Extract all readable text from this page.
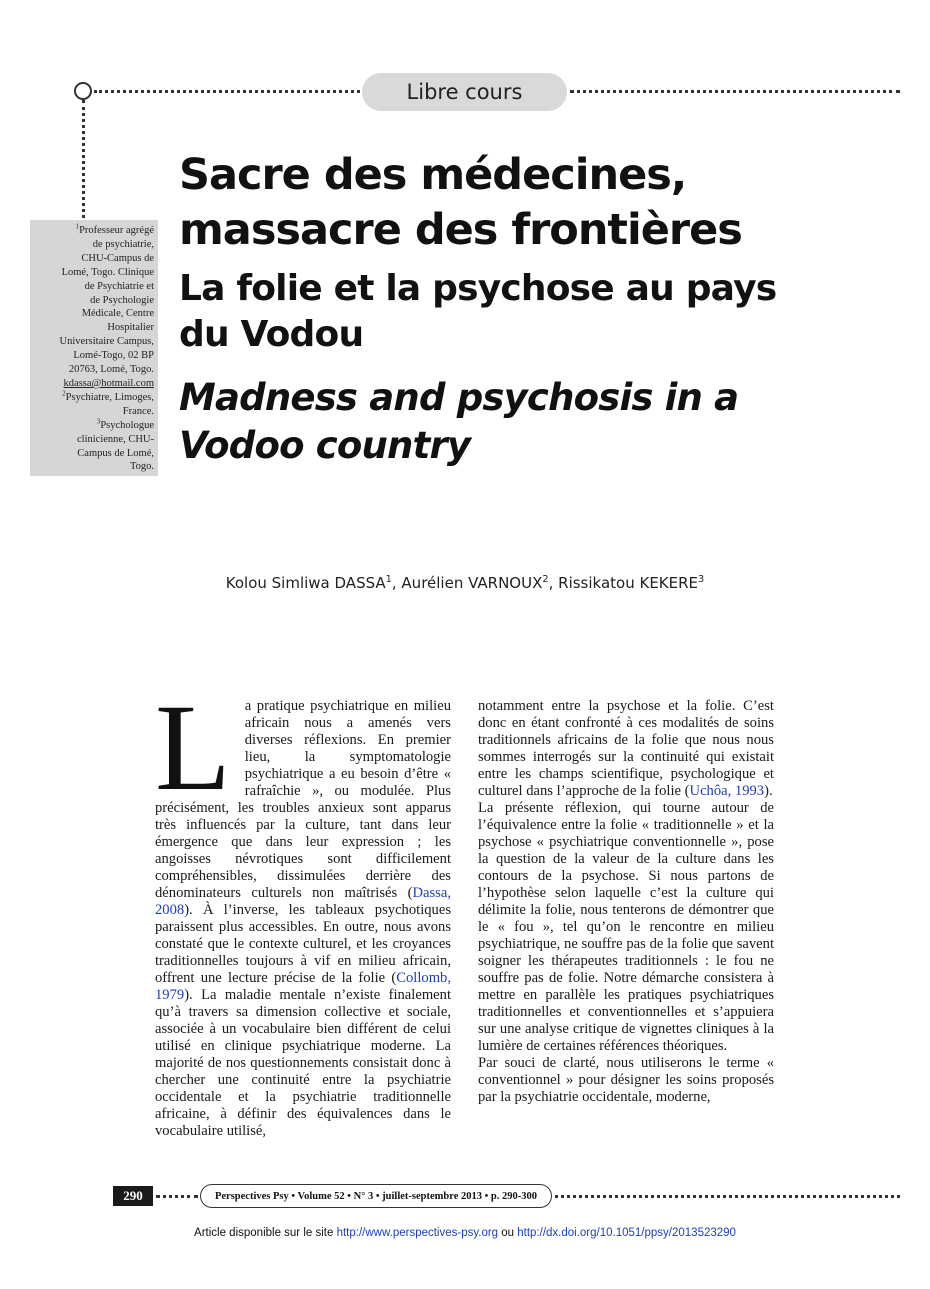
Libre cours
$^1$Professeur agrégé
de psychiatrie,
CHU-Campus de
Lomé, Togo. Clinique
de Psychiatrie et
de Psychologie
Médicale, Centre
Hospitalier
Universitaire Campus,
Lomé-Togo, 02 BP
20763, Lomé, Togo.
kdassa@hotmail.com
$^2$Psychiatre, Limoges,
France.
$^3$Psychologue
clinicienne, CHU-
Campus de Lomé,
Togo.
Sacre des médecines,
massacre des frontières
La folie et la psychose au pays
du Vodou
Madness and psychosis in a
Vodoo country
Kolou Simliwa DASSA$^1$, Aurélien VARNOUX$^2$, Rissikatou KEKERE$^3$

La pratique psychiatrique en milieu africain nous a amenés vers diverses réflexions. En premier lieu, la symptomatologie psychiatrique a eu besoin d’être « rafraîchie », ou modulée. Plus précisément, les troubles anxieux sont apparus très influencés par la culture, tant dans leur émergence que dans leur expression ; les angoisses névrotiques sont difficilement compréhensibles, dissimulées derrière des dénominateurs culturels non maîtrisés (Dassa, 2008). À l’inverse, les tableaux psychotiques paraissent plus accessibles. En outre, nous avons constaté que le contexte culturel, et les croyances traditionnelles toujours à vif en milieu africain, offrent une lecture précise de la folie (Collomb, 1979). La maladie mentale n’existe finalement qu’à travers sa dimension collective et sociale, associée à un vocabulaire bien différent de celui utilisé en clinique psychiatrique moderne. La majorité de nos questionnements consistait donc à chercher une continuité entre la psychiatrie occidentale et la psychiatrie traditionnelle africaine, à définir des équivalences dans le vocabulaire utilisé,

notamment entre la psychose et la folie. C’est donc en étant confronté à ces modalités de soins traditionnels africains de la folie que nous nous sommes interrogés sur la continuité qui existait entre les champs scientifique, psychologique et culturel dans l’approche de la folie (Uchôa, 1993).

La présente réflexion, qui tourne autour de l’équivalence entre la folie « traditionnelle » et la psychose « psychiatrique conventionnelle », pose la question de la valeur de la culture dans les contours de la psychose. Si nous partons de l’hypothèse selon laquelle c’est la culture qui délimite la folie, nous tenterons de démontrer que le « fou », tel qu’on le rencontre en milieu psychiatrique, ne souffre pas de la folie que savent soigner les thérapeutes traditionnels : le fou ne souffre pas de folie. Notre démarche consistera à mettre en parallèle les pratiques psychiatriques traditionnelles et conventionnelles et s’appuiera sur une analyse critique de vignettes cliniques à la lumière de certaines références théoriques.

Par souci de clarté, nous utiliserons le terme « conventionnel » pour désigner les soins proposés par la psychiatrie occidentale, moderne,

290	Perspectives Psy • Volume 52 • N° 3 • juillet-septembre 2013 • p. 290-300
Article disponible sur le site http://www.perspectives-psy.org ou http://dx.doi.org/10.1051/ppsy/2013523290
